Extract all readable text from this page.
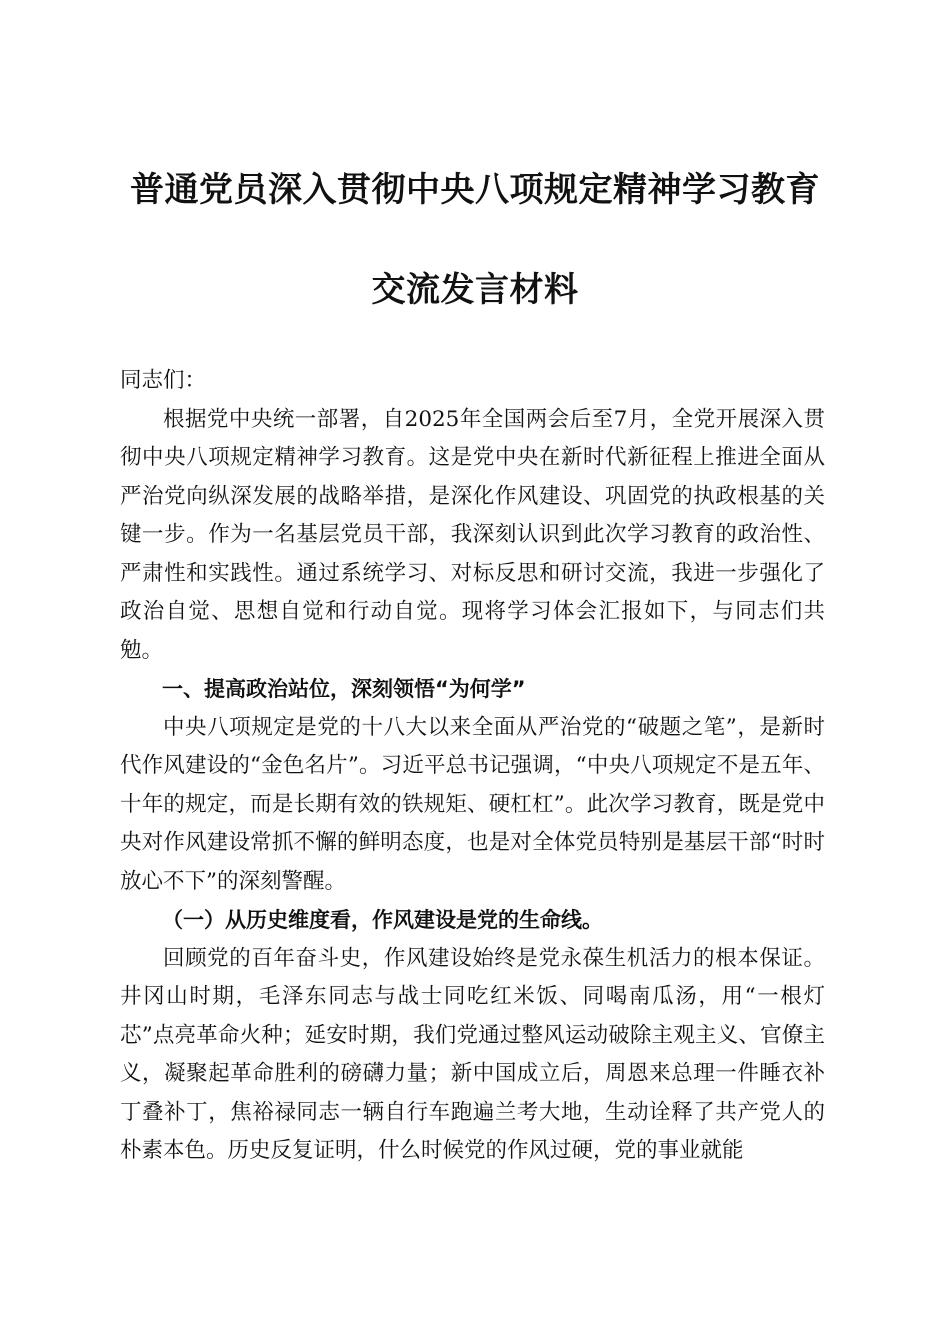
普通党员深入贯彻中央八项规定精神学习教育
交流发言材料

同志们：

根据党中央统一部署，自2025年全国两会后至7月，全党开展深入贯彻中央八项规定精神学习教育。这是党中央在新时代新征程上推进全面从严治党向纵深发展的战略举措，是深化作风建设、巩固党的执政根基的关键一步。作为一名基层党员干部，我深刻认识到此次学习教育的政治性、严肃性和实践性。通过系统学习、对标反思和研讨交流，我进一步强化了政治自觉、思想自觉和行动自觉。现将学习体会汇报如下，与同志们共勉。

一、提高政治站位，深刻领悟“为何学”

中央八项规定是党的十八大以来全面从严治党的“破题之笔”，是新时代作风建设的“金色名片”。习近平总书记强调，“中央八项规定不是五年、十年的规定，而是长期有效的铁规矩、硬杠杠”。此次学习教育，既是党中央对作风建设常抓不懈的鲜明态度，也是对全体党员特别是基层干部“时时放心不下”的深刻警醒。

（一）从历史维度看，作风建设是党的生命线。

回顾党的百年奋斗史，作风建设始终是党永葆生机活力的根本保证。井冈山时期，毛泽东同志与战士同吃红米饭、同喝南瓜汤，用“一根灯芯”点亮革命火种；延安时期，我们党通过整风运动破除主观主义、官僚主义，凝聚起革命胜利的磅礴力量；新中国成立后，周恩来总理一件睡衣补丁叠补丁，焦裕禄同志一辆自行车跑遍兰考大地，生动诠释了共产党人的朴素本色。历史反复证明，什么时候党的作风过硬，党的事业就能
